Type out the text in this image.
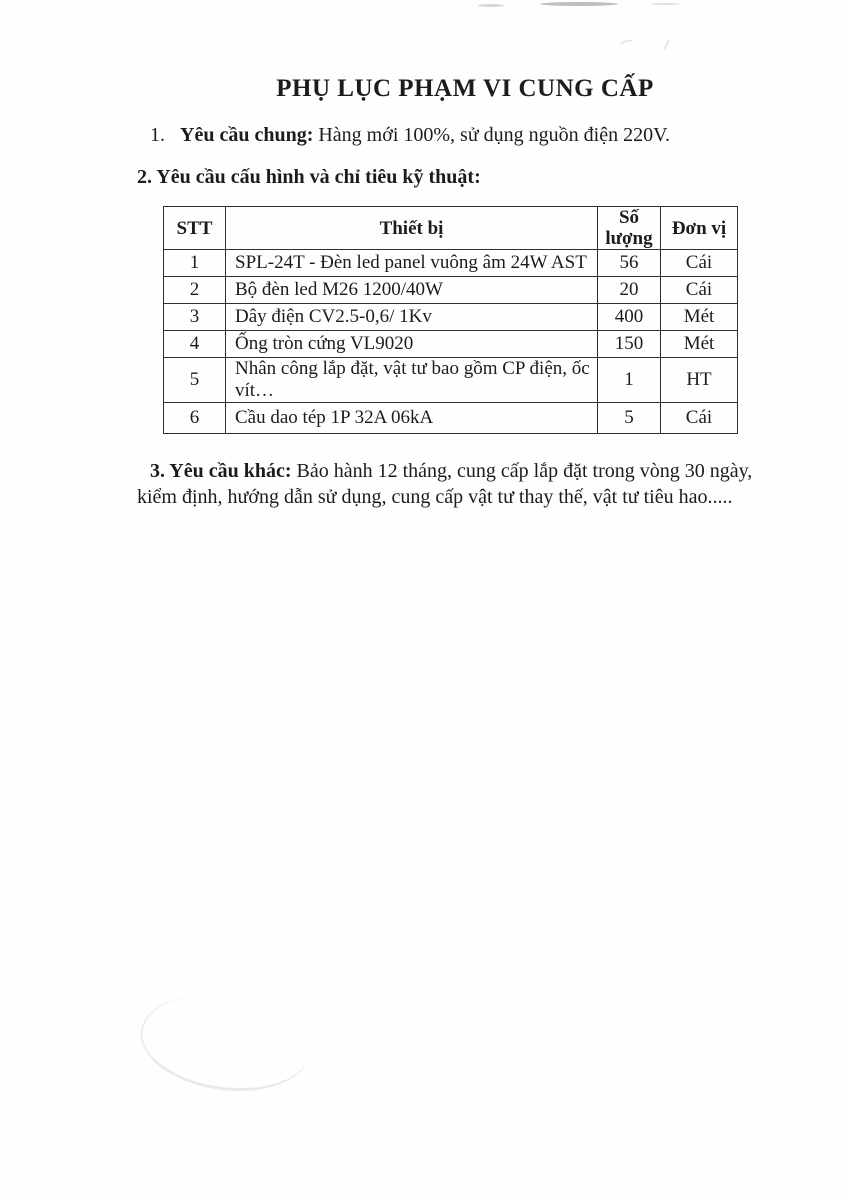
PHỤ LỤC PHẠM VI CUNG CẤP

1. Yêu cầu chung: Hàng mới 100%, sử dụng nguồn điện 220V.

2. Yêu cầu cấu hình và chỉ tiêu kỹ thuật:

STT	Thiết bị	Số lượng	Đơn vị
1	SPL-24T - Đèn led panel vuông âm 24W AST	56	Cái
2	Bộ đèn led M26 1200/40W	20	Cái
3	Dây điện CV2.5-0,6/ 1Kv	400	Mét
4	Ống tròn cứng VL9020	150	Mét
5	Nhân công lắp đặt, vật tư bao gồm CP điện, ốc vít…	1	HT
6	Cầu dao tép 1P 32A 06kA	5	Cái

3. Yêu cầu khác: Bảo hành 12 tháng, cung cấp lắp đặt trong vòng 30 ngày, kiểm định, hướng dẫn sử dụng, cung cấp vật tư thay thế, vật tư tiêu hao.....
